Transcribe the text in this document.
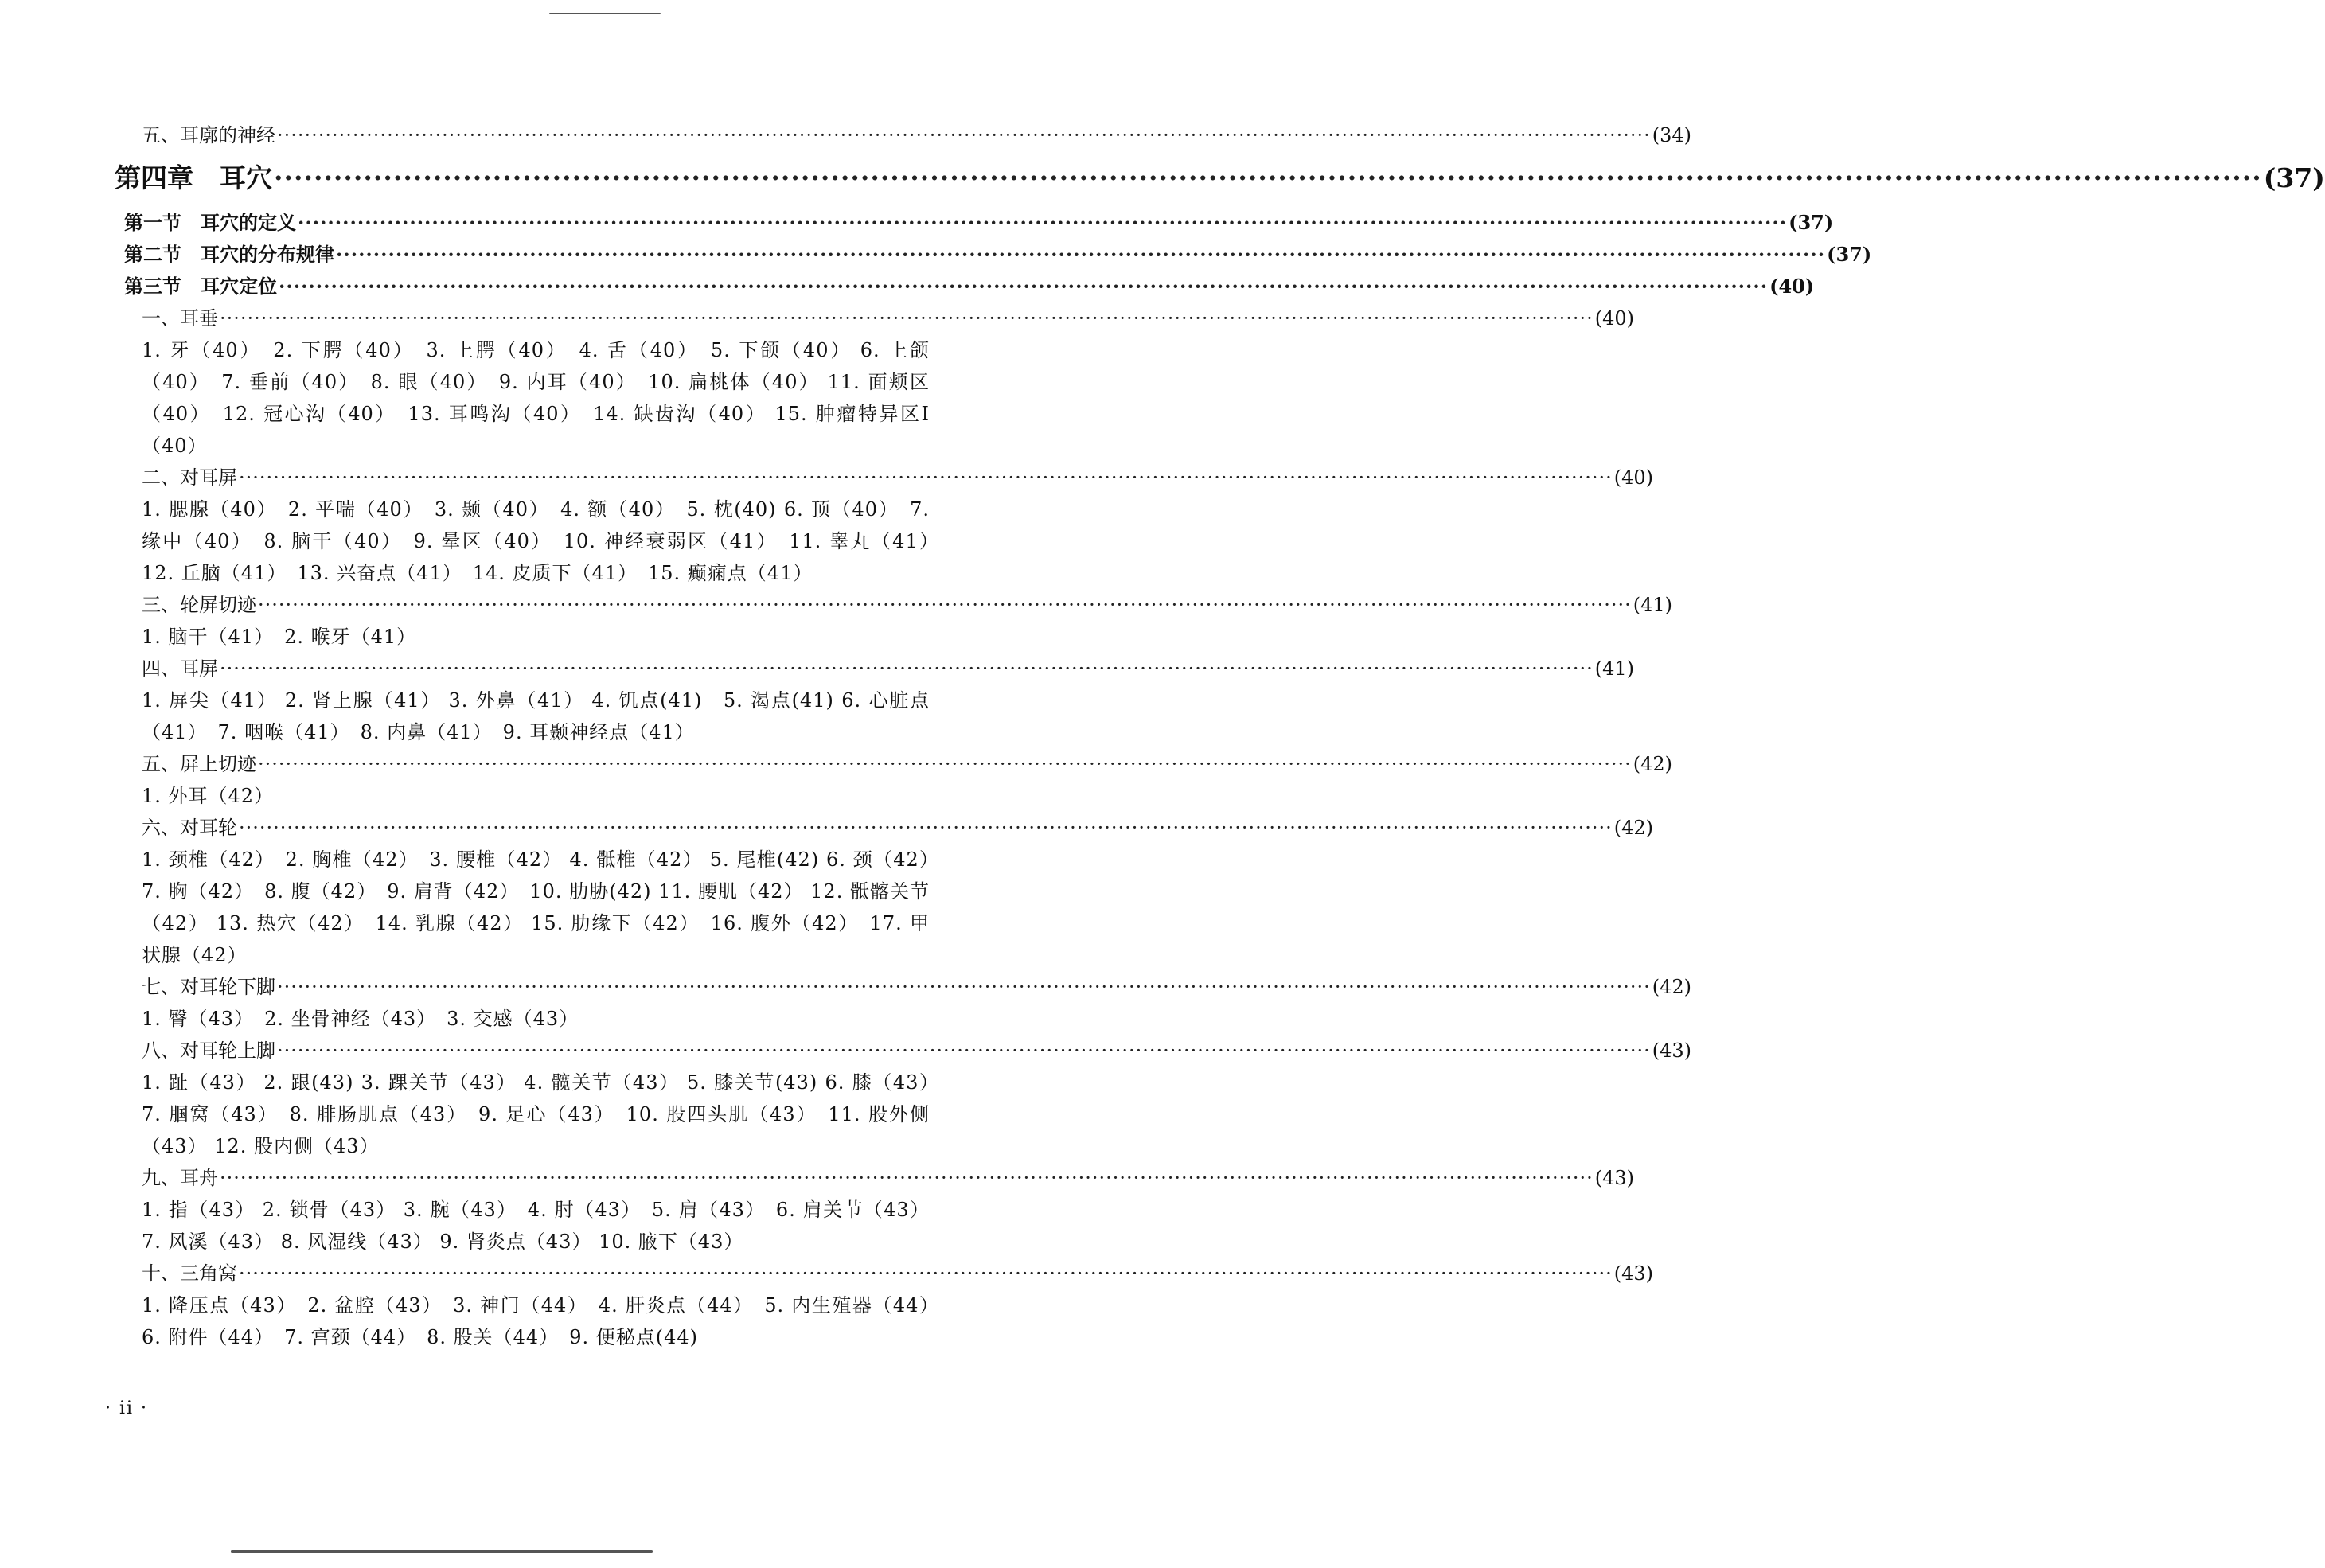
五、耳廓的神经 ········································································································································································································ (34)
第四章　耳穴 ········································································································································································································ (37)
第一节　耳穴的定义 ········································································································································································································ (37)
第二节　耳穴的分布规律 ········································································································································································································ (37)
第三节　耳穴定位 ········································································································································································································ (40)
一、耳垂 ········································································································································································································ (40)
1. 牙（40）　2. 下腭（40）　3. 上腭（40）　4. 舌（40）　5. 下颌（40） 6. 上颌（40）　7. 垂前（40）　8. 眼（40）　9. 内耳（40）　10. 扁桃体（40） 11. 面颊区（40）　12. 冠心沟（40）　13. 耳鸣沟（40）　14. 缺齿沟（40） 15. 肿瘤特异区Ⅰ（40）
二、对耳屏 ········································································································································································································ (40)
1. 腮腺（40）　2. 平喘（40）　3. 颞（40）　4. 额（40）　5. 枕(40) 6. 顶（40）　7. 缘中（40）　8. 脑干（40）　9. 晕区（40）　10. 神经衰弱区（41）　11. 睾丸（41）　12. 丘脑（41）　13. 兴奋点（41）　14. 皮质下（41）　15. 癫痫点（41）
三、轮屏切迹 ········································································································································································································ (41)
1. 脑干（41）　2. 喉牙（41）
四、耳屏 ········································································································································································································ (41)
1. 屏尖（41） 2. 肾上腺（41） 3. 外鼻（41） 4. 饥点(41)　5. 渴点(41) 6. 心脏点（41）　7. 咽喉（41）　8. 内鼻（41）　9. 耳颞神经点（41）
五、屏上切迹 ········································································································································································································ (42)
1. 外耳（42）
六、对耳轮 ········································································································································································································ (42)
1. 颈椎（42）　2. 胸椎（42）　3. 腰椎（42） 4. 骶椎（42） 5. 尾椎(42) 6. 颈（42）　7. 胸（42）　8. 腹（42）　9. 肩背（42）　10. 肋胁(42) 11. 腰肌（42） 12. 骶髂关节（42） 13. 热穴（42）　14. 乳腺（42） 15. 肋缘下（42）　16. 腹外（42）　17. 甲状腺（42）
七、对耳轮下脚 ········································································································································································································ (42)
1. 臀（43）　2. 坐骨神经（43）　3. 交感（43）
八、对耳轮上脚 ········································································································································································································ (43)
1. 趾（43） 2. 跟(43) 3. 踝关节（43） 4. 髋关节（43） 5. 膝关节(43) 6. 膝（43）　7. 腘窝（43）　8. 腓肠肌点（43）　9. 足心（43）　10. 股四头肌（43）　11. 股外侧（43） 12. 股内侧（43）
九、耳舟 ········································································································································································································ (43)
1. 指（43） 2. 锁骨（43） 3. 腕（43）　4. 肘（43）　5. 肩（43）　6. 肩关节（43） 7. 风溪（43） 8. 风湿线（43） 9. 肾炎点（43） 10. 腋下（43）
十、三角窝 ········································································································································································································ (43)
1. 降压点（43）　2. 盆腔（43）　3. 神门（44）　4. 肝炎点（44）　5. 内生殖器（44）　6. 附件（44）　7. 宫颈（44）　8. 股关（44）　9. 便秘点(44)
· ii ·
